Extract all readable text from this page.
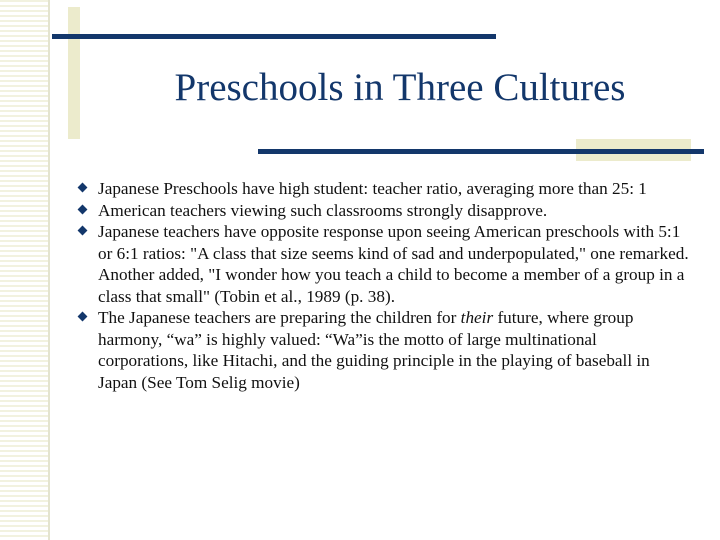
Preschools in Three Cultures
Japanese Preschools have high student: teacher ratio, averaging more than 25: 1
American teachers viewing such classrooms strongly disapprove.
Japanese teachers have opposite response upon seeing American preschools with 5:1 or 6:1 ratios: "A class that size seems kind of sad and underpopulated," one remarked. Another added, "I wonder how you teach a child to become a member of a group in a class that small" (Tobin et al., 1989 (p. 38).
The Japanese teachers are preparing the children for their future, where group harmony, “wa” is highly valued: “Wa”is the motto of large multinational corporations, like Hitachi, and the guiding principle in the playing of baseball in Japan (See Tom Selig movie)
